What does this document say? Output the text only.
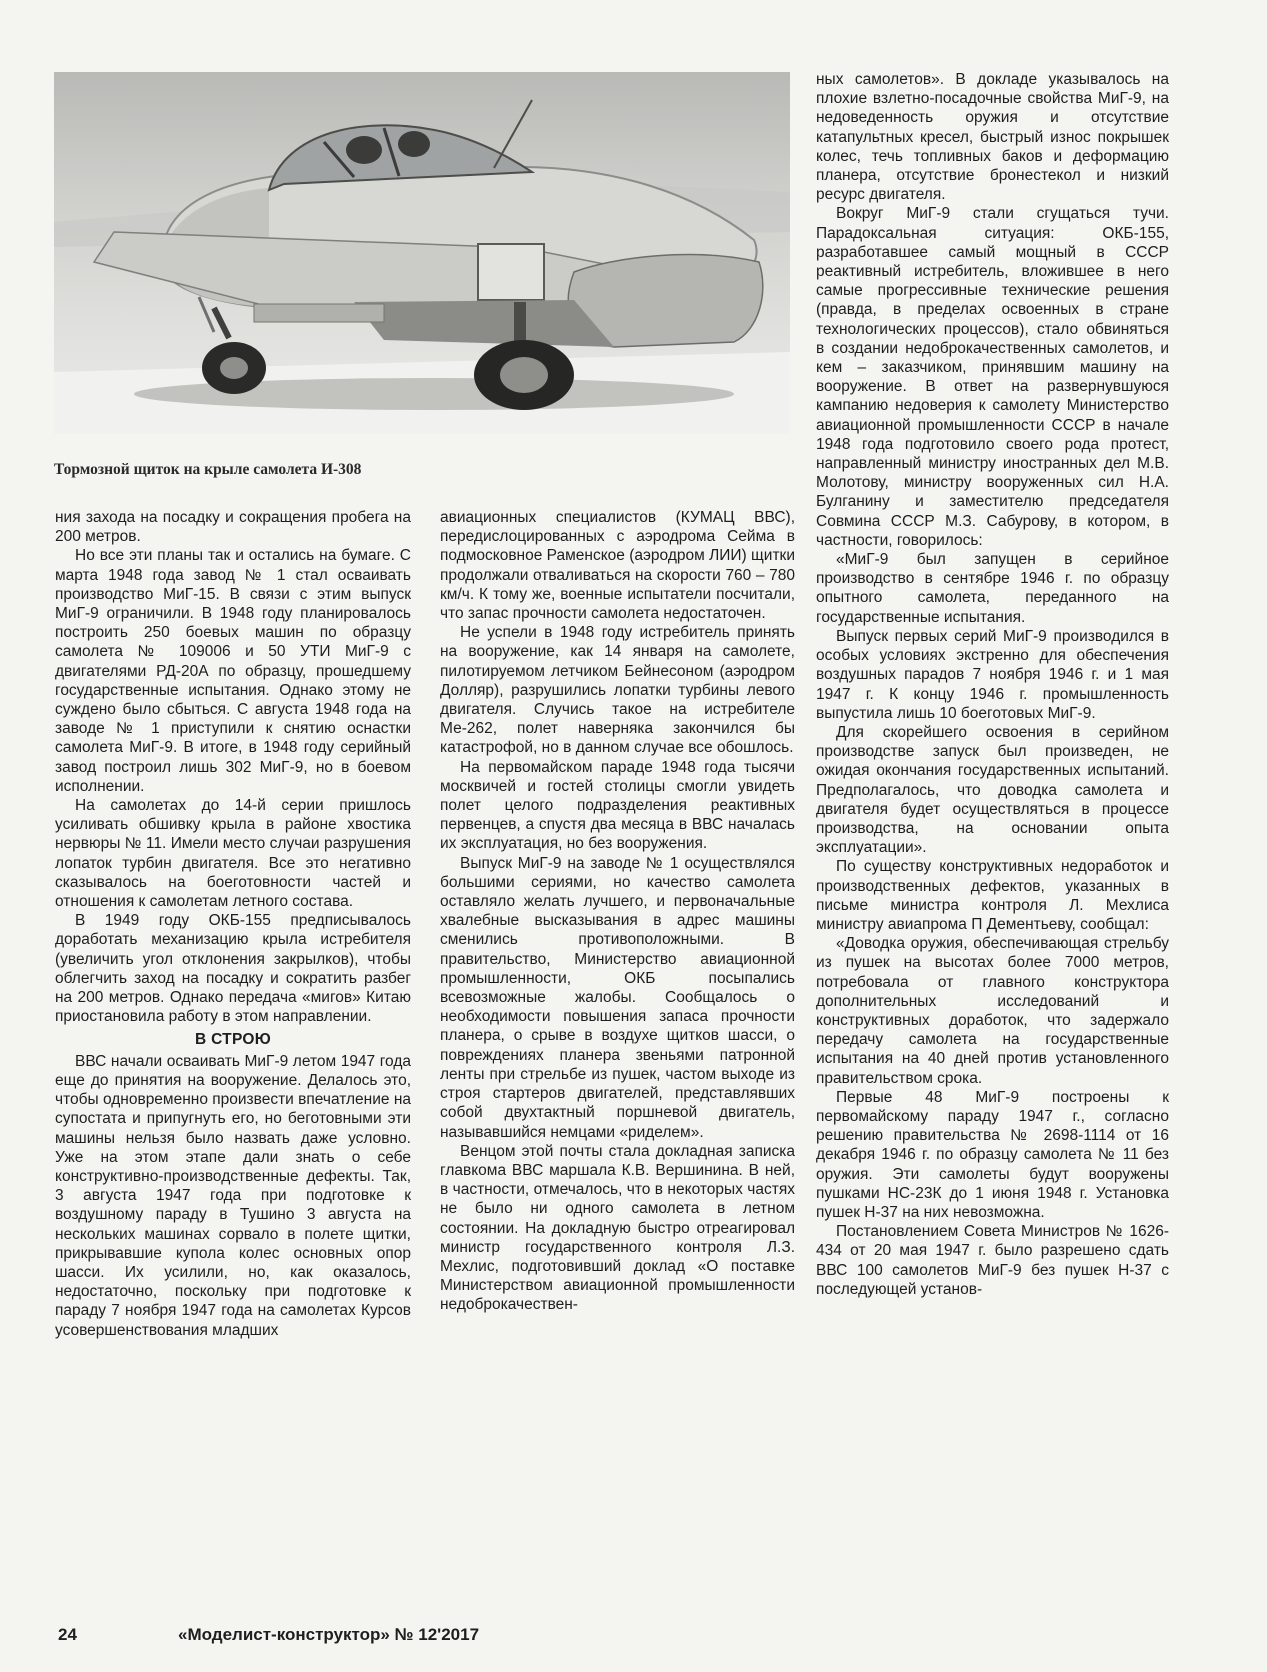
Тормозной щиток на крыле самолета И-308

ния захода на посадку и сокращения пробега на 200 метров.

Но все эти планы так и остались на бумаге. С марта 1948 года завод № 1 стал осваивать производство МиГ-15. В связи с этим выпуск МиГ-9 ограничили. В 1948 году планировалось построить 250 боевых машин по образцу самолета № 109006 и 50 УТИ МиГ-9 с двигателями РД-20А по образцу, прошедшему государственные испытания. Однако этому не суждено было сбыться. С августа 1948 года на заводе № 1 приступили к снятию оснастки самолета МиГ-9. В итоге, в 1948 году серийный завод построил лишь 302 МиГ-9, но в боевом исполнении.

На самолетах до 14-й серии пришлось усиливать обшивку крыла в районе хвостика нервюры № 11. Имели место случаи разрушения лопаток турбин двигателя. Все это негативно сказывалось на боеготовности частей и отношения к самолетам летного состава.

В 1949 году ОКБ-155 предписывалось доработать механизацию крыла истребителя (увеличить угол отклонения закрылков), чтобы облегчить заход на посадку и сократить разбег на 200 метров. Однако передача «мигов» Китаю приостановила работу в этом направлении.

В СТРОЮ

ВВС начали осваивать МиГ-9 летом 1947 года еще до принятия на вооружение. Делалось это, чтобы одновременно произвести впечатление на супостата и припугнуть его, но беготовными эти машины нельзя было назвать даже условно. Уже на этом этапе дали знать о себе конструктивно-производственные дефекты. Так, 3 августа 1947 года при подготовке к воздушному параду в Тушино 3 августа на нескольких машинах сорвало в полете щитки, прикрывавшие купола колес основных опор шасси. Их усилили, но, как оказалось, недостаточно, поскольку при подготовке к параду 7 ноября 1947 года на самолетах Курсов усовершенствования младших

авиационных специалистов (КУМАЦ ВВС), передислоцированных с аэродрома Сейма в подмосковное Раменское (аэродром ЛИИ) щитки продолжали отваливаться на скорости 760 – 780 км/ч. К тому же, военные испытатели посчитали, что запас прочности самолета недостаточен.

Не успели в 1948 году истребитель принять на вооружение, как 14 января на самолете, пилотируемом летчиком Бейнесоном (аэродром Долляр), разрушились лопатки турбины левого двигателя. Случись такое на истребителе Ме-262, полет наверняка закончился бы катастрофой, но в данном случае все обошлось.

На первомайском параде 1948 года тысячи москвичей и гостей столицы смогли увидеть полет целого подразделения реактивных первенцев, а спустя два месяца в ВВС началась их эксплуатация, но без вооружения.

Выпуск МиГ-9 на заводе № 1 осуществлялся большими сериями, но качество самолета оставляло желать лучшего, и первоначальные хвалебные высказывания в адрес машины сменились противоположными. В правительство, Министерство авиационной промышленности, ОКБ посыпались всевозможные жалобы. Сообщалось о необходимости повышения запаса прочности планера, о срыве в воздухе щитков шасси, о повреждениях планера звеньями патронной ленты при стрельбе из пушек, частом выходе из строя стартеров двигателей, представлявших собой двухтактный поршневой двигатель, называвшийся немцами «риделем».

Венцом этой почты стала докладная записка главкома ВВС маршала К.В. Вершинина. В ней, в частности, отмечалось, что в некоторых частях не было ни одного самолета в летном состоянии. На докладную быстро отреагировал министр государственного контроля Л.З. Мехлис, подготовивший доклад «О поставке Министерством авиационной промышленности недоброкачествен-

ных самолетов». В докладе указывалось на плохие взлетно-посадочные свойства МиГ-9, на недоведенность оружия и отсутствие катапультных кресел, быстрый износ покрышек колес, течь топливных баков и деформацию планера, отсутствие бронестекол и низкий ресурс двигателя.

Вокруг МиГ-9 стали сгущаться тучи. Парадоксальная ситуация: ОКБ-155, разработавшее самый мощный в СССР реактивный истребитель, вложившее в него самые прогрессивные технические решения (правда, в пределах освоенных в стране технологических процессов), стало обвиняться в создании недоброкачественных самолетов, и кем – заказчиком, принявшим машину на вооружение. В ответ на развернувшуюся кампанию недоверия к самолету Министерство авиационной промышленности СССР в начале 1948 года подготовило своего рода протест, направленный министру иностранных дел М.В. Молотову, министру вооруженных сил Н.А. Булганину и заместителю председателя Совмина СССР М.З. Сабурову, в котором, в частности, говорилось:

«МиГ-9 был запущен в серийное производство в сентябре 1946 г. по образцу опытного самолета, переданного на государственные испытания.

Выпуск первых серий МиГ-9 производился в особых условиях экстренно для обеспечения воздушных парадов 7 ноября 1946 г. и 1 мая 1947 г. К концу 1946 г. промышленность выпустила лишь 10 боеготовых МиГ-9.

Для скорейшего освоения в серийном производстве запуск был произведен, не ожидая окончания государственных испытаний. Предполагалось, что доводка самолета и двигателя будет осуществляться в процессе производства, на основании опыта эксплуатации».

По существу конструктивных недоработок и производственных дефектов, указанных в письме министра контроля Л. Мехлиса министру авиапрома П Дементьеву, сообщал:

«Доводка оружия, обеспечивающая стрельбу из пушек на высотах более 7000 метров, потребовала от главного конструктора дополнительных исследований и конструктивных доработок, что задержало передачу самолета на государственные испытания на 40 дней против установленного правительством срока.

Первые 48 МиГ-9 построены к первомайскому параду 1947 г., согласно решению правительства № 2698-1114 от 16 декабря 1946 г. по образцу самолета № 11 без оружия. Эти самолеты будут вооружены пушками НС-23К до 1 июня 1948 г. Установка пушек Н-37 на них невозможна.

Постановлением Совета Министров № 1626-434 от 20 мая 1947 г. было разрешено сдать ВВС 100 самолетов МиГ-9 без пушек Н-37 с последующей установ-

24	«Моделист-конструктор» № 12'2017
